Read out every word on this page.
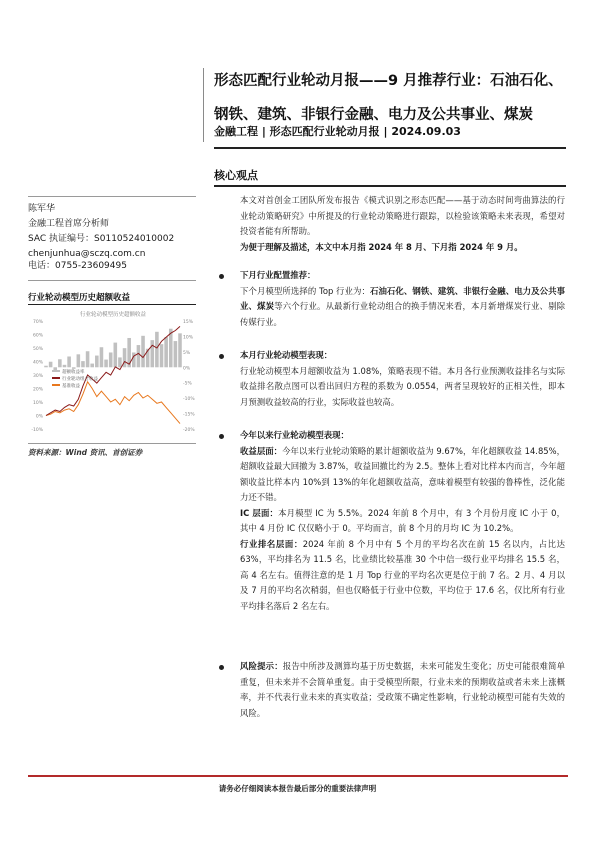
形态匹配行业轮动月报——9 月推荐行业：石油石化、
钢铁、建筑、非银行金融、电力及公共事业、煤炭
金融工程 | 形态匹配行业轮动月报 | 2024.09.03
核心观点
陈军华
金融工程首席分析师
SAC 执证编号：S0110524010002
chenjunhua@sczq.com.cn
电话：0755-23609495
行业轮动模型历史超额收益
行业轮动模型历史超额收益
70%
60%
50%
40%
30%
20%
10%
0%
-10%
15%
10%
5%
0%
-5%
-10%
-15%
-20%
超额收益率
行业轮动组合收益
基准收益
资料来源：Wind 资讯、首创证券
本文对首创金工团队所发布报告《模式识别之形态匹配——基于动态时间弯曲算法的行业轮动策略研究》中所提及的行业轮动策略进行跟踪，以检验该策略未来表现，希望对投资者能有所帮助。
为便于理解及描述，本文中本月指 2024 年 8 月、下月指 2024 年 9 月。
下月行业配置推荐：
下个月模型所选择的 Top 行业为：石油石化、钢铁、建筑、非银行金融、电力及公共事业、煤炭等六个行业。从最新行业轮动组合的换手情况来看，本月新增煤炭行业、剔除传媒行业。
本月行业轮动模型表现：
行业轮动模型本月超额收益为 1.08%，策略表现不错。本月各行业预测收益排名与实际收益排名散点图可以看出回归方程的系数为 0.0554，两者呈现较好的正相关性，即本月预测收益较高的行业，实际收益也较高。
今年以来行业轮动模型表现：
收益层面：今年以来行业轮动策略的累计超额收益为 9.67%，年化超额收益 14.85%，超额收益最大回撤为 3.87%，收益回撤比约为 2.5。整体上看对比样本内而言，今年超额收益比样本内 10%到 13%的年化超额收益高，意味着模型有较强的鲁棒性，泛化能力还不错。
IC 层面：本月模型 IC 为 5.5%。2024 年前 8 个月中，有 3 个月份月度 IC 小于 0，其中 4 月份 IC 仅仅略小于 0。平均而言，前 8 个月的月均 IC 为 10.2%。
行业排名层面：2024 年前 8 个月中有 5 个月的平均名次在前 15 名以内，占比达 63%，平均排名为 11.5 名，比业绩比较基准 30 个中信一级行业平均排名 15.5 名，高 4 名左右。值得注意的是 1 月 Top 行业的平均名次更是位于前 7 名。2 月、4 月以及 7 月的平均名次稍弱，但也仅略低于行业中位数，平均位于 17.6 名，仅比所有行业平均排名落后 2 名左右。
风险提示：报告中所涉及测算均基于历史数据，未来可能发生变化；历史可能很难简单重复，但未来并不会简单重复。由于受模型所限，行业未来的预期收益或者未来上涨概率，并不代表行业未来的真实收益；受政策不确定性影响，行业轮动模型可能有失效的风险。
请务必仔细阅读本报告最后部分的重要法律声明
